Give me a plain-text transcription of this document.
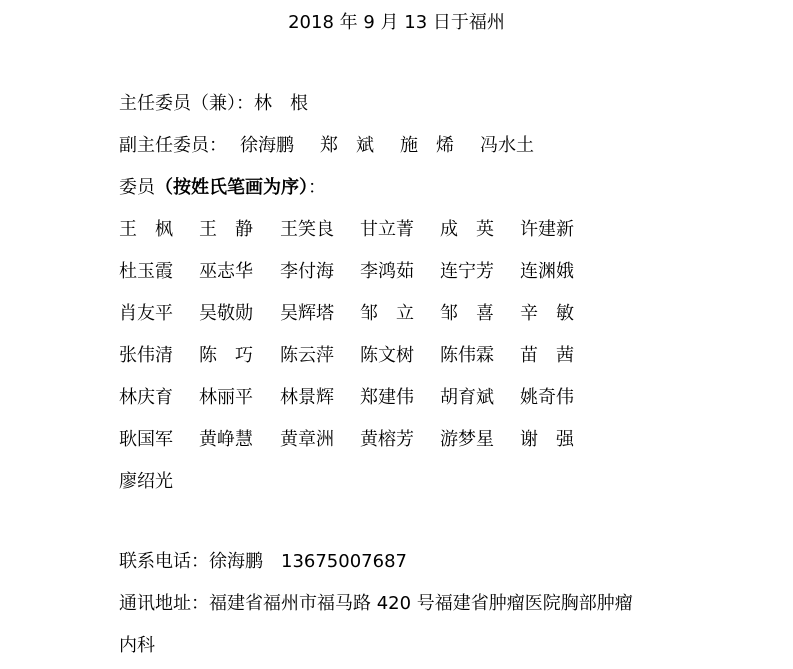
2018 年 9 月 13 日于福州
主任委员（兼）：林　根
副主任委员： 徐海鹏 郑　斌 施　烯 冯水土
委员（按姓氏笔画为序）：
王　枫 王　静 王笑良 甘立菁 成　英 许建新
杜玉霞 巫志华 李付海 李鸿茹 连宁芳 连渊娥
肖友平 吴敬勋 吴辉塔 邹　立 邹　喜 辛　敏
张伟清 陈　巧 陈云萍 陈文树 陈伟霖 苗　茜
林庆育 林丽平 林景辉 郑建伟 胡育斌 姚奇伟
耿国军 黄峥慧 黄章洲 黄榕芳 游梦星 谢　强
廖绍光
联系电话：徐海鹏　 13675007687
通讯地址：福建省福州市福马路 420 号福建省肿瘤医院胸部肿瘤
内科
